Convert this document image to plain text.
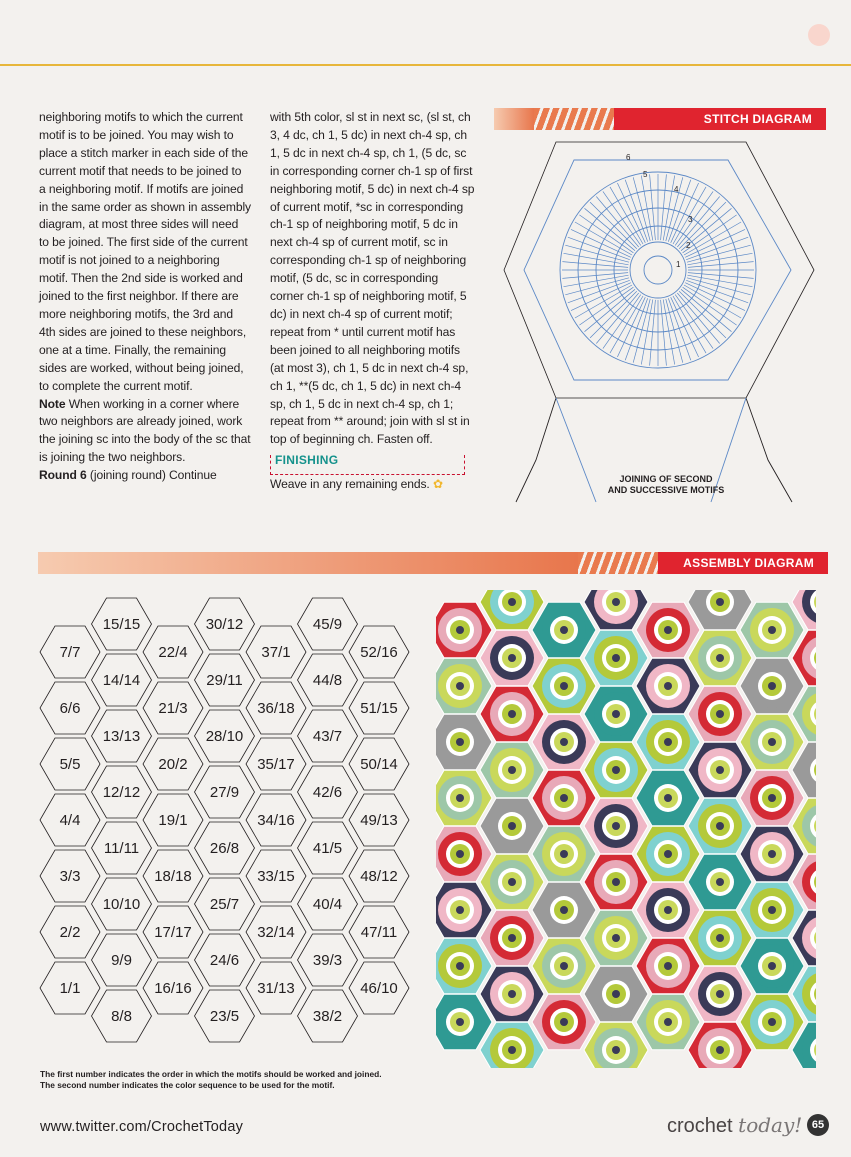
neighboring motifs to which the current motif is to be joined. You may wish to place a stitch marker in each side of the current motif that needs to be joined to a neighboring motif. If motifs are joined in the same order as shown in assembly diagram, at most three sides will need to be joined. The first side of the current motif is not joined to a neighboring motif. Then the 2nd side is worked and joined to the first neighbor. If there are more neighboring motifs, the 3rd and 4th sides are joined to these neighbors, one at a time. Finally, the remaining sides are worked, without being joined, to complete the current motif.

Note When working in a corner where two neighbors are already joined, work the joining sc into the body of the sc that is joining the two neighbors.

Round 6 (joining round) Continue

with 5th color, sl st in next sc, (sl st, ch 3, 4 dc, ch 1, 5 dc) in next ch-4 sp, ch 1, 5 dc in next ch-4 sp, ch 1, (5 dc, sc in corresponding corner ch-1 sp of first neighboring motif, 5 dc) in next ch-4 sp of current motif, *sc in corresponding ch-1 sp of neighboring motif, 5 dc in next ch-4 sp of current motif, sc in corresponding ch-1 sp of neighboring motif, (5 dc, sc in corresponding corner ch-1 sp of neighboring motif, 5 dc) in next ch-4 sp of current motif; repeat from * until current motif has been joined to all neighboring motifs (at most 3), ch 1, 5 dc in next ch-4 sp, ch 1, **(5 dc, ch 1, 5 dc) in next ch-4 sp, ch 1, 5 dc in next ch-4 sp, ch 1; repeat from ** around; join with sl st in top of beginning ch. Fasten off.

FINISHING

Weave in any remaining ends. ✿

STITCH DIAGRAM
1
2
3
4
5
6
JOINING OF SECOND
AND SUCCESSIVE MOTIFS
ASSEMBLY DIAGRAM
7/7
6/6
5/5
4/4
3/3
2/2
1/1
15/15
14/14
13/13
12/12
11/11
10/10
9/9
8/8
22/4
21/3
20/2
19/1
18/18
17/17
16/16
30/12
29/11
28/10
27/9
26/8
25/7
24/6
23/5
37/1
36/18
35/17
34/16
33/15
32/14
31/13
45/9
44/8
43/7
42/6
41/5
40/4
39/3
38/2
52/16
51/15
50/14
49/13
48/12
47/11
46/10
The first number indicates the order in which the motifs should be worked and joined.
The second number indicates the color sequence to be used for the motif.
www.twitter.com/CrochetToday	crochet today! 65
